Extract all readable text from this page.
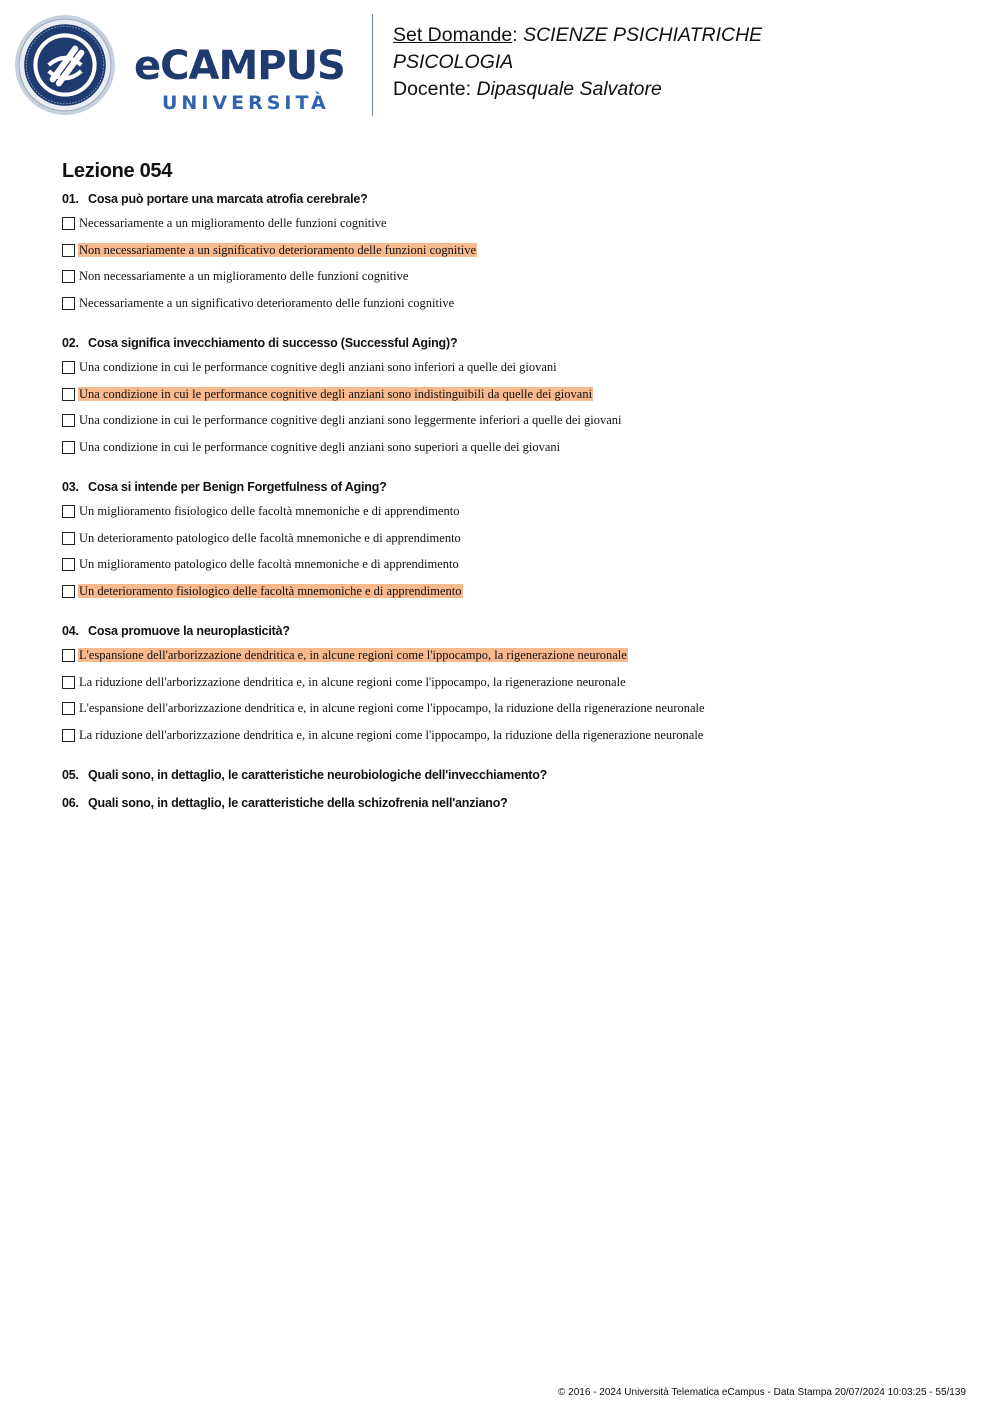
eCAMPUS
UNIVERSITÀ
Set Domande: SCIENZE PSICHIATRICHE
PSICOLOGIA
Docente: Dipasquale Salvatore
Lezione 054
01. Cosa può portare una marcata atrofia cerebrale?
Necessariamente a un miglioramento delle funzioni cognitive
Non necessariamente a un significativo deterioramento delle funzioni cognitive
Non necessariamente a un miglioramento delle funzioni cognitive
Necessariamente a un significativo deterioramento delle funzioni cognitive
02. Cosa significa invecchiamento di successo (Successful Aging)?
Una condizione in cui le performance cognitive degli anziani sono inferiori a quelle dei giovani
Una condizione in cui le performance cognitive degli anziani sono indistinguibili da quelle dei giovani
Una condizione in cui le performance cognitive degli anziani sono leggermente inferiori a quelle dei giovani
Una condizione in cui le performance cognitive degli anziani sono superiori a quelle dei giovani
03. Cosa si intende per Benign Forgetfulness of Aging?
Un miglioramento fisiologico delle facoltà mnemoniche e di apprendimento
Un deterioramento patologico delle facoltà mnemoniche e di apprendimento
Un miglioramento patologico delle facoltà mnemoniche e di apprendimento
Un deterioramento fisiologico delle facoltà mnemoniche e di apprendimento
04. Cosa promuove la neuroplasticità?
L'espansione dell'arborizzazione dendritica e, in alcune regioni come l'ippocampo, la rigenerazione neuronale
La riduzione dell'arborizzazione dendritica e, in alcune regioni come l'ippocampo, la rigenerazione neuronale
L'espansione dell'arborizzazione dendritica e, in alcune regioni come l'ippocampo, la riduzione della rigenerazione neuronale
La riduzione dell'arborizzazione dendritica e, in alcune regioni come l'ippocampo, la riduzione della rigenerazione neuronale
05. Quali sono, in dettaglio, le caratteristiche neurobiologiche dell'invecchiamento?
06. Quali sono, in dettaglio, le caratteristiche della schizofrenia nell'anziano?
© 2016 - 2024 Università Telematica eCampus - Data Stampa 20/07/2024 10:03:25 - 55/139
